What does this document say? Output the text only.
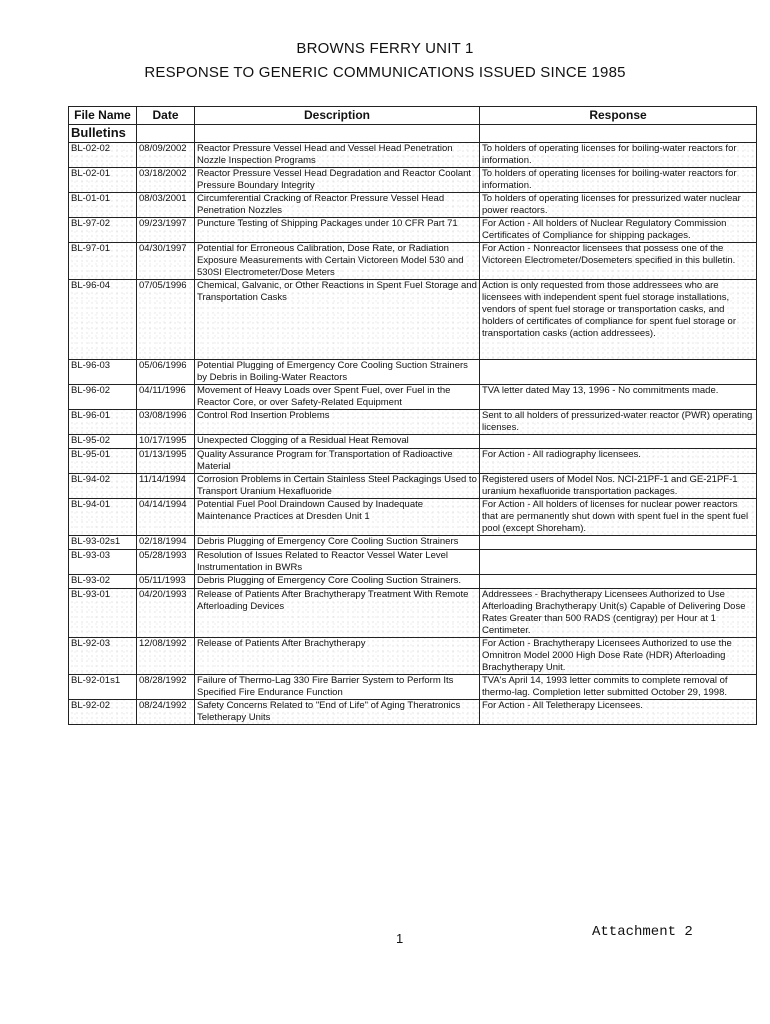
BROWNS FERRY UNIT 1
RESPONSE TO GENERIC COMMUNICATIONS ISSUED SINCE 1985
File Name	Date	Description	Response
Bulletins			
BL-02-02	08/09/2002	Reactor Pressure Vessel Head and Vessel Head Penetration Nozzle Inspection Programs	To holders of operating licenses for boiling-water reactors for information.
BL-02-01	03/18/2002	Reactor Pressure Vessel Head Degradation and Reactor Coolant Pressure Boundary Integrity	To holders of operating licenses for boiling-water reactors for information.
BL-01-01	08/03/2001	Circumferential Cracking of Reactor Pressure Vessel Head Penetration Nozzles	To holders of operating licenses for pressurized water nuclear power reactors.
BL-97-02	09/23/1997	Puncture Testing of Shipping Packages under 10 CFR Part 71	For Action - All holders of Nuclear Regulatory Commission Certificates of Compliance for shipping packages.
BL-97-01	04/30/1997	Potential for Erroneous Calibration, Dose Rate, or Radiation Exposure Measurements with Certain Victoreen Model 530 and 530SI Electrometer/Dose Meters	For Action - Nonreactor licensees that possess one of the Victoreen Electrometer/Dosemeters specified in this bulletin.
BL-96-04	07/05/1996	Chemical, Galvanic, or Other Reactions in Spent Fuel Storage and Transportation Casks	Action is only requested from those addressees who are licensees with independent spent fuel storage installations, vendors of spent fuel storage or transportation casks, and holders of certificates of compliance for spent fuel storage or transportation casks (action addressees).
BL-96-03	05/06/1996	Potential Plugging of Emergency Core Cooling Suction Strainers by Debris in Boiling-Water Reactors	
BL-96-02	04/11/1996	Movement of Heavy Loads over Spent Fuel, over Fuel in the Reactor Core, or over Safety-Related Equipment	TVA letter dated May 13, 1996 - No commitments made.
BL-96-01	03/08/1996	Control Rod Insertion Problems	Sent to all holders of pressurized-water reactor (PWR) operating licenses.
BL-95-02	10/17/1995	Unexpected Clogging of a Residual Heat Removal	
BL-95-01	01/13/1995	Quality Assurance Program for Transportation of Radioactive Material	For Action - All radiography licensees.
BL-94-02	11/14/1994	Corrosion Problems in Certain Stainless Steel Packagings Used to Transport Uranium Hexafluoride	Registered users of Model Nos. NCI-21PF-1 and GE-21PF-1 uranium hexafluoride transportation packages.
BL-94-01	04/14/1994	Potential Fuel Pool Draindown Caused by Inadequate Maintenance Practices at Dresden Unit 1	For Action - All holders of licenses for nuclear power reactors that are permanently shut down with spent fuel in the spent fuel pool (except Shoreham).
BL-93-02s1	02/18/1994	Debris Plugging of Emergency Core Cooling Suction Strainers	
BL-93-03	05/28/1993	Resolution of Issues Related to Reactor Vessel Water Level Instrumentation in BWRs	
BL-93-02	05/11/1993	Debris Plugging of Emergency Core Cooling Suction Strainers.	
BL-93-01	04/20/1993	Release of Patients After Brachytherapy Treatment With Remote Afterloading Devices	Addressees - Brachytherapy Licensees Authorized to Use Afterloading Brachytherapy Unit(s) Capable of Delivering Dose Rates Greater than 500 RADS (centigray) per Hour at 1 Centimeter.
BL-92-03	12/08/1992	Release of Patients After Brachytherapy	For Action - Brachytherapy Licensees Authorized to use the Omnitron Model 2000 High Dose Rate (HDR) Afterloading Brachytherapy Unit.
BL-92-01s1	08/28/1992	Failure of Thermo-Lag 330 Fire Barrier System to Perform Its Specified Fire Endurance Function	TVA's April 14, 1993 letter commits to complete removal of thermo-lag. Completion letter submitted October 29, 1998.
BL-92-02	08/24/1992	Safety Concerns Related to "End of Life" of Aging Theratronics Teletherapy Units	For Action - All Teletherapy Licensees.
1	Attachment 2
